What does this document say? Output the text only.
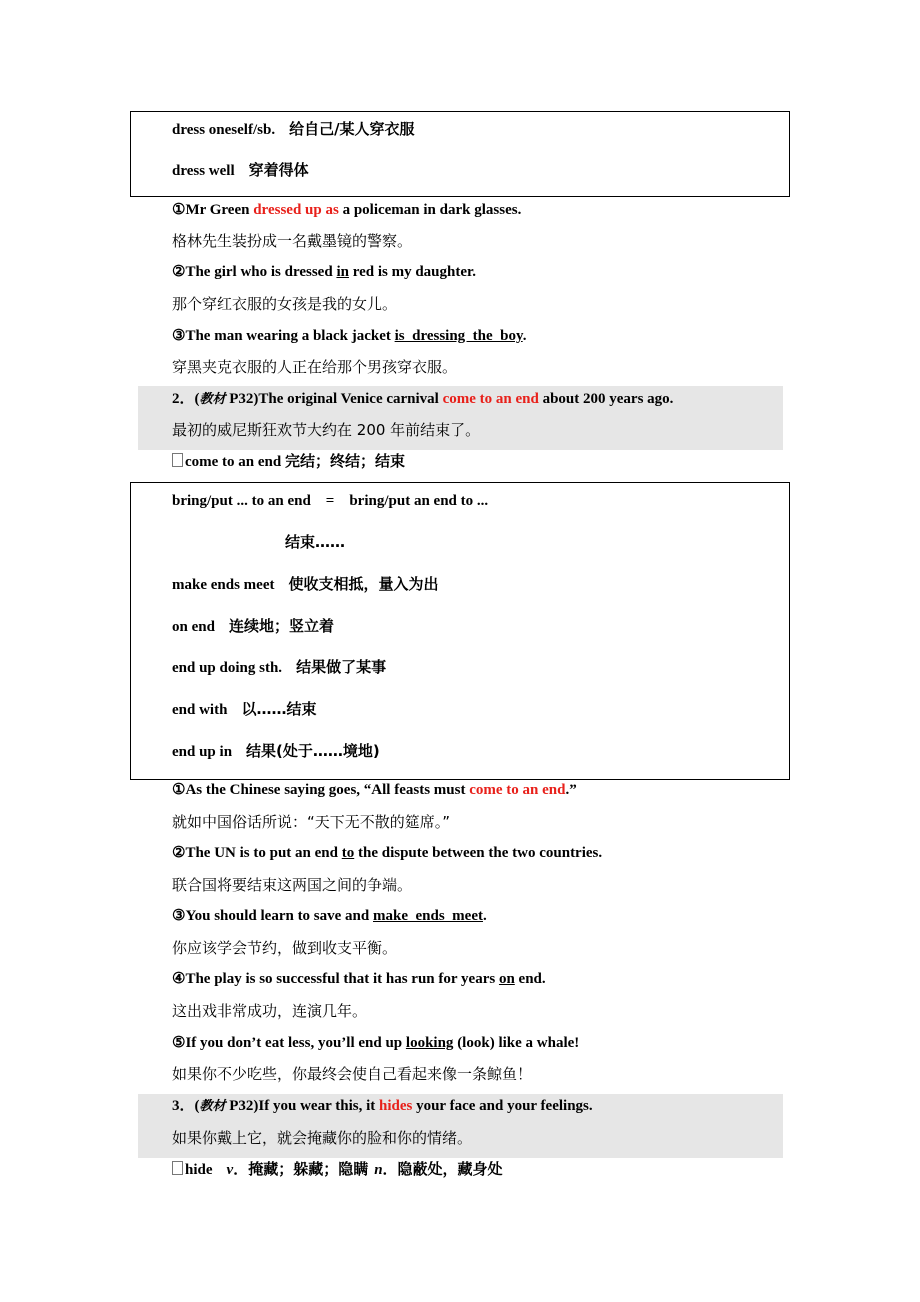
dress oneself/sb. 给自己/某人穿衣服
dress well 穿着得体
①Mr Green dressed up as a policeman in dark glasses.
格林先生装扮成一名戴墨镜的警察。
②The girl who is dressed in red is my daughter.
那个穿红衣服的女孩是我的女儿。
③The man wearing a black jacket is  dressing  the  boy.
穿黑夹克衣服的人正在给那个男孩穿衣服。
2．(教材 P32)The original Venice carnival come to an end about 200 years ago.
最初的威尼斯狂欢节大约在 200 年前结束了。
come to an end 完结；终结；结束
bring/put ... to an end　=　bring/put an end to ...
结束……
make ends meet 使收支相抵，量入为出
on end 连续地；竖立着
end up doing sth. 结果做了某事
end with 以……结束
end up in 结果(处于……境地)
①As the Chinese saying goes, “All feasts must come to an end.”
就如中国俗话所说：“天下无不散的筵席。”
②The UN is to put an end to the dispute between the two countries.
联合国将要结束这两国之间的争端。
③You should learn to save and make  ends  meet.
你应该学会节约，做到收支平衡。
④The play is so successful that it has run for years on end.
这出戏非常成功，连演几年。
⑤If you don’t eat less, you’ll end up looking (look) like a whale!
如果你不少吃些，你最终会使自己看起来像一条鲸鱼！
3．(教材 P32)If you wear this, it hides your face and your feelings.
如果你戴上它，就会掩藏你的脸和你的情绪。
hide v．掩藏；躲藏；隐瞒 n．隐蔽处，藏身处
